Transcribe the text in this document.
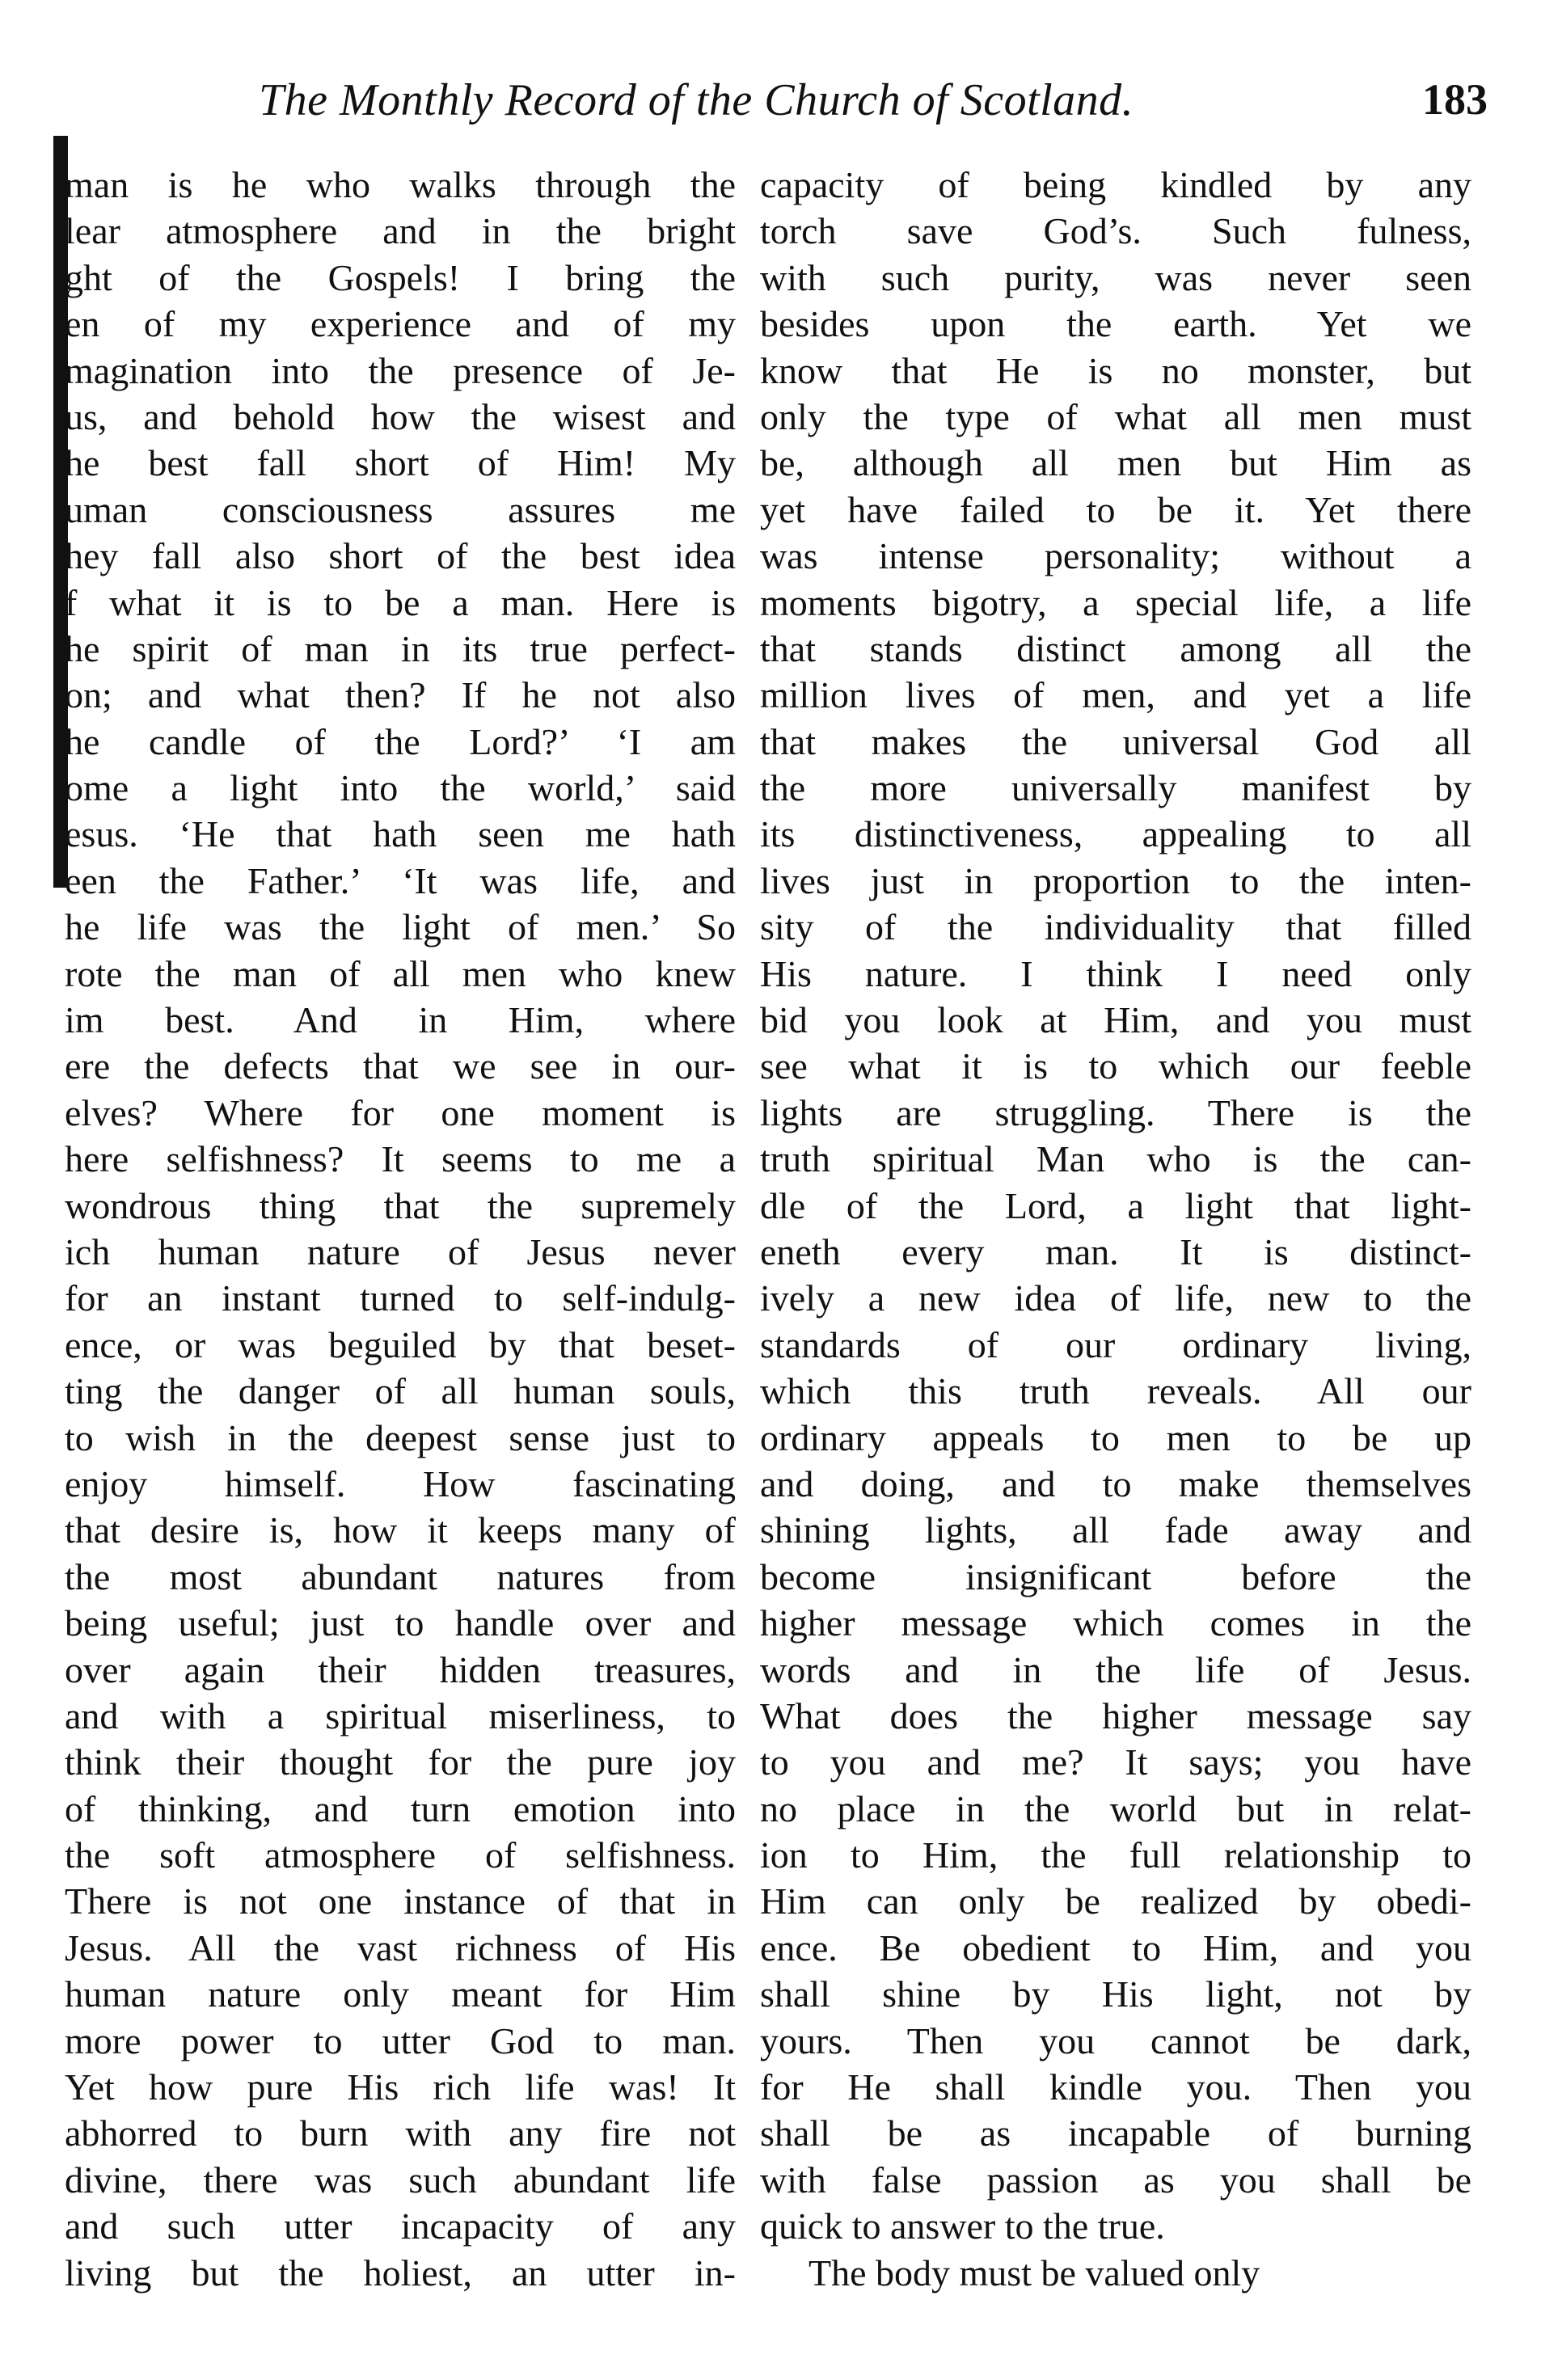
The Monthly Record of the Church of Scotland.	183
man is he who walks through the
lear atmosphere and in the bright
ght of the Gospels! I bring the
en of my experience and of my
magination into the presence of Je-
us, and behold how the wisest and
he best fall short of Him! My
uman consciousness assures me
hey fall also short of the best idea
f what it is to be a man. Here is
he spirit of man in its true perfect-
on; and what then? If he not also
he candle of the Lord?’ ‘I am
ome a light into the world,’ said
esus. ‘He that hath seen me hath
een the Father.’ ‘It was life, and
he life was the light of men.’ So
rote the man of all men who knew
im best. And in Him, where
ere the defects that we see in our-
elves? Where for one moment is
here selfishness? It seems to me a
wondrous thing that the supremely
ich human nature of Jesus never
for an instant turned to self-indulg-
ence, or was beguiled by that beset-
ting the danger of all human souls,
to wish in the deepest sense just to
enjoy himself. How fascinating
that desire is, how it keeps many of
the most abundant natures from
being useful; just to handle over and
over again their hidden treasures,
and with a spiritual miserliness, to
think their thought for the pure joy
of thinking, and turn emotion into
the soft atmosphere of selfishness.
There is not one instance of that in
Jesus. All the vast richness of His
human nature only meant for Him
more power to utter God to man.
Yet how pure His rich life was! It
abhorred to burn with any fire not
divine, there was such abundant life
and such utter incapacity of any
living but the holiest, an utter in-
capacity of being kindled by any
torch save God’s. Such fulness,
with such purity, was never seen
besides upon the earth. Yet we
know that He is no monster, but
only the type of what all men must
be, although all men but Him as
yet have failed to be it. Yet there
was intense personality; without a
moments bigotry, a special life, a life
that stands distinct among all the
million lives of men, and yet a life
that makes the universal God all
the more universally manifest by
its distinctiveness, appealing to all
lives just in proportion to the inten-
sity of the individuality that filled
His nature. I think I need only
bid you look at Him, and you must
see what it is to which our feeble
lights are struggling. There is the
truth spiritual Man who is the can-
dle of the Lord, a light that light-
eneth every man. It is distinct-
ively a new idea of life, new to the
standards of our ordinary living,
which this truth reveals. All our
ordinary appeals to men to be up
and doing, and to make themselves
shining lights, all fade away and
become insignificant before the
higher message which comes in the
words and in the life of Jesus.
What does the higher message say
to you and me? It says; you have
no place in the world but in relat-
ion to Him, the full relationship to
Him can only be realized by obedi-
ence. Be obedient to Him, and you
shall shine by His light, not by
yours. Then you cannot be dark,
for He shall kindle you. Then you
shall be as incapable of burning
with false passion as you shall be
quick to answer to the true.
The body must be valued only
